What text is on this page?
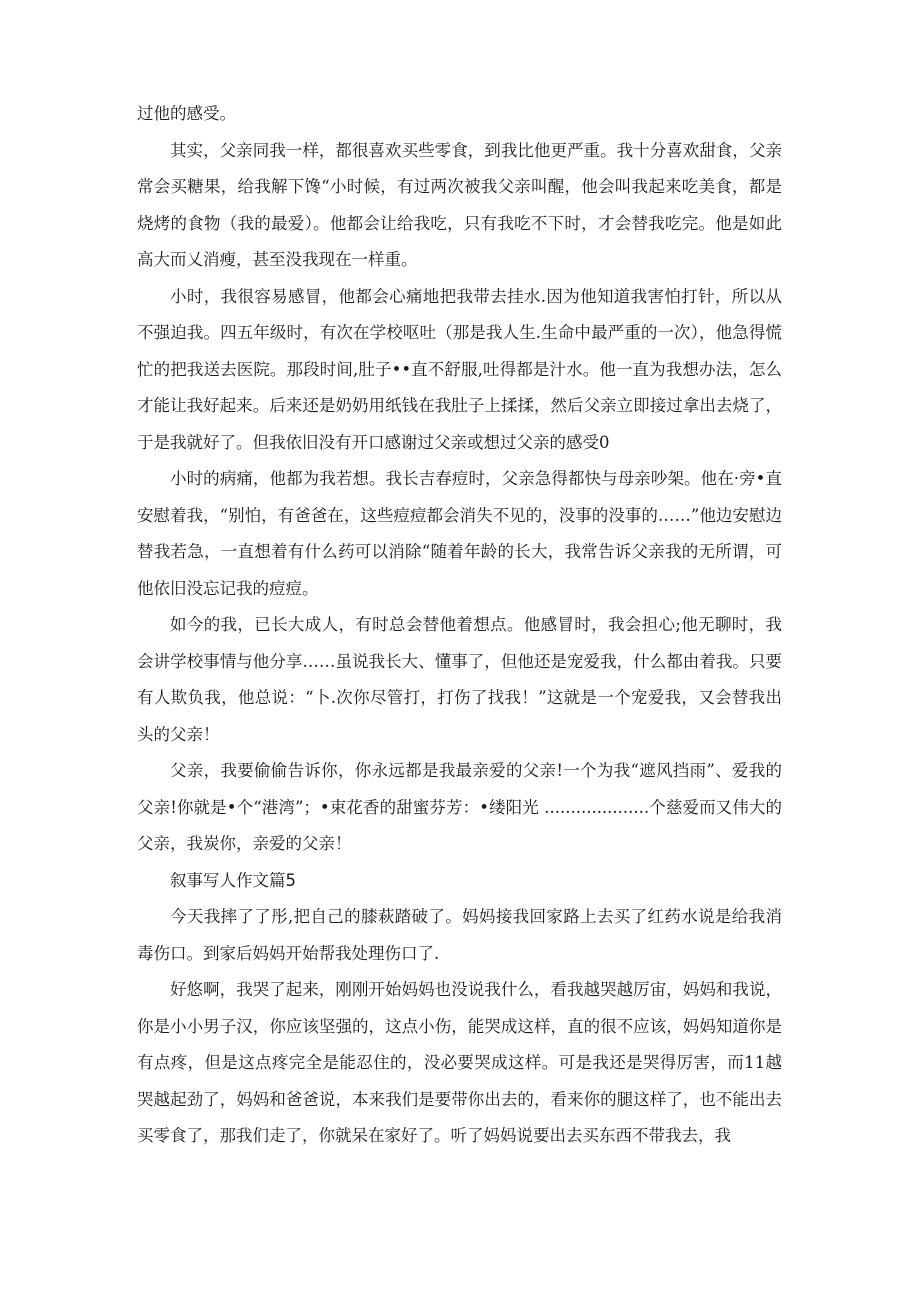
过他的感受。

其实，父亲同我一样，都很喜欢买些零食，到我比他更严重。我十分喜欢甜食，父亲常会买糖果，给我解下馋“小时候，有过两次被我父亲叫醒，他会叫我起来吃美食，都是烧烤的食物（我的最爱）。他都会让给我吃，只有我吃不下时，才会替我吃完。他是如此高大而乂消瘦，甚至没我现在一样重。

小时，我很容易感冒，他都会心痛地把我带去挂水.因为他知道我害怕打针，所以从不强迫我。四五年级时，有次在学校呕吐（那是我人生.生命中最严重的一次），他急得慌忙的把我送去医院。那段时间,肚子••直不舒服,吐得都是汁水。他一直为我想办法，怎么才能让我好起来。后来还是奶奶用纸钱在我肚子上揉揉，然后父亲立即接过拿出去烧了，于是我就好了。但我依旧没有开口感谢过父亲或想过父亲的感受0

小时的病痛，他都为我若想。我长吉春痘时，父亲急得都快与母亲吵架。他在·旁•直安慰着我，“别怕，有爸爸在，这些痘痘都会消失不见的，没事的没事的……”他边安慰边替我若急，一直想着有什么药可以消除“随着年龄的长大，我常告诉父亲我的无所谓，可他依旧没忘记我的痘痘。

如今的我，已长大成人，有时总会替他着想点。他感冒时，我会担心;他无聊时，我会讲学校事情与他分享……虽说我长大、懂事了，但他还是宠爱我，什么都由着我。只要有人欺负我，他总说：“卜.次你尽管打，打伤了找我！”这就是一个宠爱我，又会替我出头的父亲！

父亲，我要偷偷告诉你，你永远都是我最亲爱的父亲!一个为我“遮风挡雨”、爱我的父亲!你就是•个“港湾”；•束花香的甜蜜芬芳：•缕阳光 ....................个慈爱而又伟大的父亲，我炭你，亲爱的父亲！

叙事写人作文篇5

今天我摔了了彤,把自己的膝萩踏破了。妈妈接我回家路上去买了红药水说是给我消毒伤口。到家后妈妈开始帮我处理伤口了.

好悠啊，我哭了起来，刚刚开始妈妈也没说我什么，看我越哭越厉宙，妈妈和我说，你是小小男子汉，你应该坚强的，这点小伤，能哭成这样，直的很不应该，妈妈知道你是有点疼，但是这点疼完全是能忍住的，没必要哭成这样。可是我还是哭得厉害，而11越哭越起劲了，妈妈和爸爸说，本来我们是要带你出去的，看来你的腿这样了，也不能出去买零食了，那我们走了，你就呆在家好了。听了妈妈说要出去买东西不带我去，我
